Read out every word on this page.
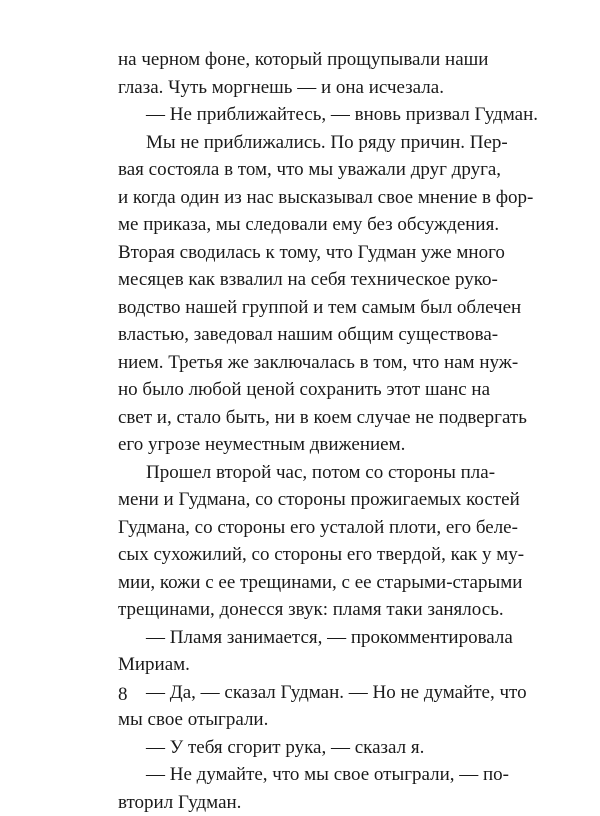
на черном фоне, который прощупывали наши
глаза. Чуть моргнешь — и она исчезала.
— Не приближайтесь, — вновь призвал Гудман.
Мы не приближались. По ряду причин. Пер-
вая состояла в том, что мы уважали друг друга,
и когда один из нас высказывал свое мнение в фор-
ме приказа, мы следовали ему без обсуждения.
Вторая сводилась к тому, что Гудман уже много
месяцев как взвалил на себя техническое руко-
водство нашей группой и тем самым был облечен
властью, заведовал нашим общим существова-
нием. Третья же заключалась в том, что нам нуж-
но было любой ценой сохранить этот шанс на
свет и, стало быть, ни в коем случае не подвергать
его угрозе неуместным движением.
Прошел второй час, потом со стороны пла-
мени и Гудмана, со стороны прожигаемых костей
Гудмана, со стороны его усталой плоти, его белe-
сых сухожилий, со стороны его твердой, как у му-
мии, кожи с ее трещинами, с ее старыми-старыми
трещинами, донесся звук: пламя таки занялось.
— Пламя занимается, — прокомментировала
Мириам.
— Да, — сказал Гудман. — Но не думайте, что
мы свое отыграли.
— У тебя сгорит рука, — сказал я.
— Не думайте, что мы свое отыграли, — по-
вторил Гудман.
8
